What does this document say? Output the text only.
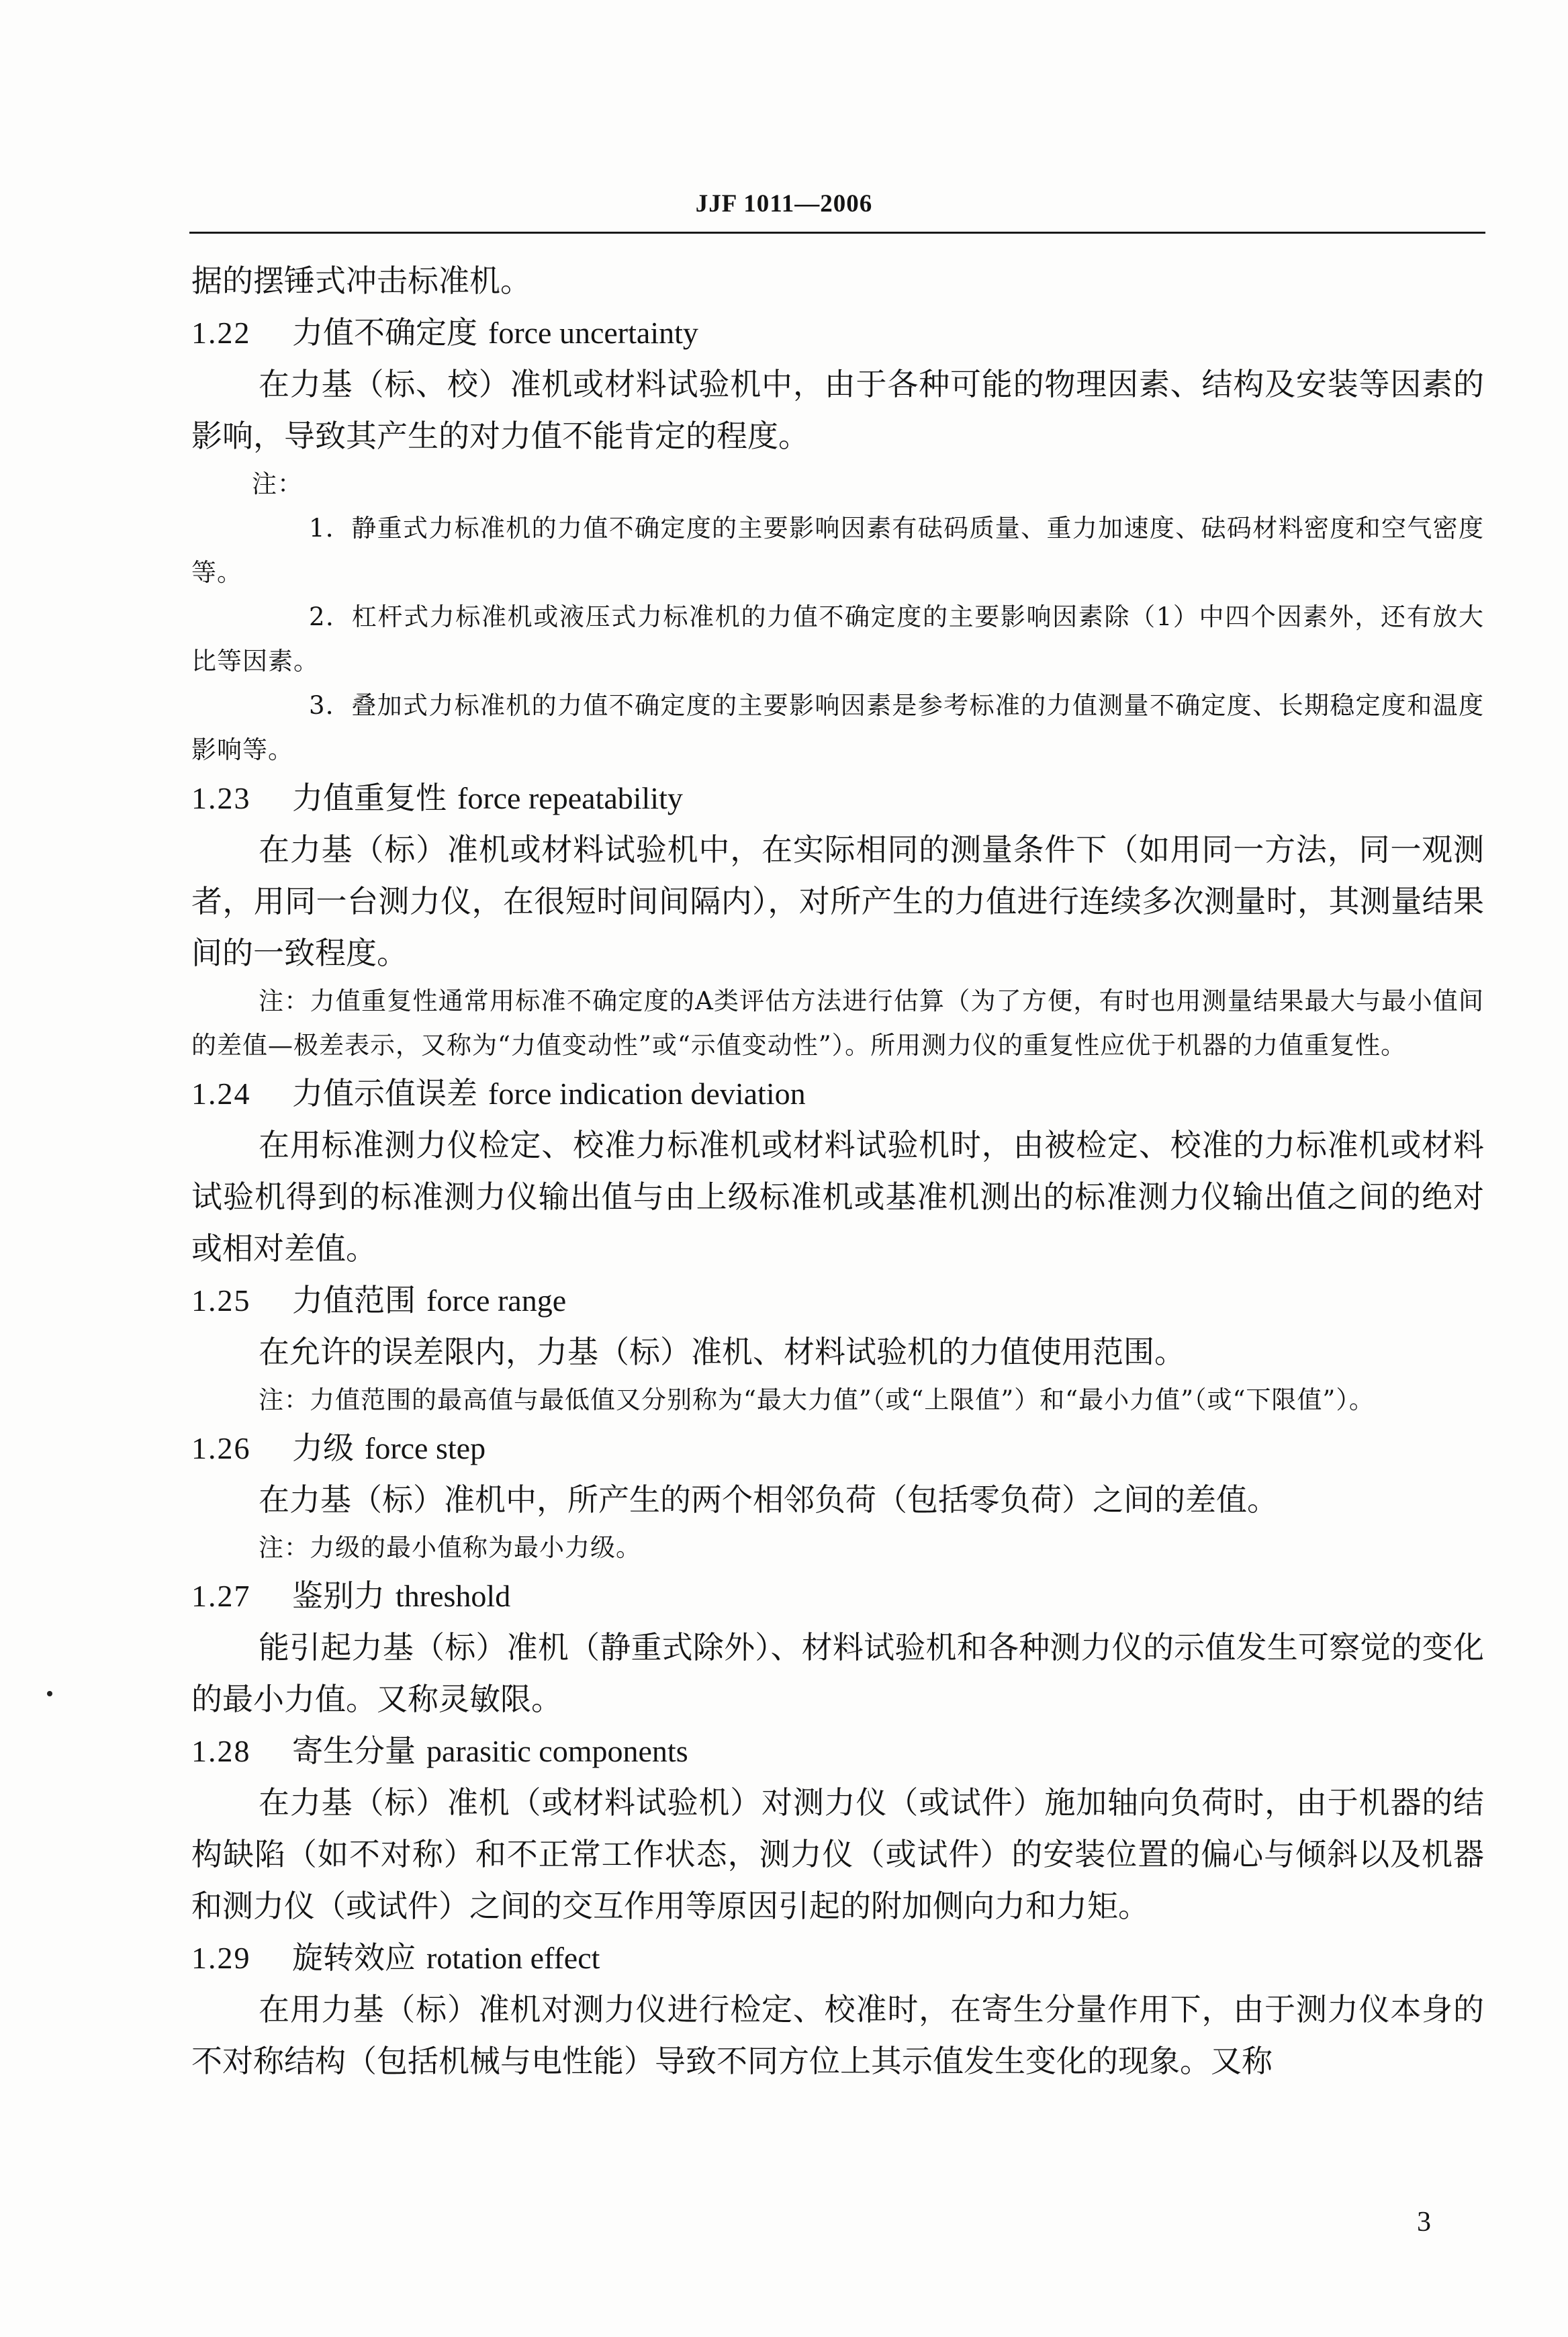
JJF 1011—2006

据的摆锤式冲击标准机。

1.22 力值不确定度 force uncertainty

在力基（标、校）准机或材料试验机中，由于各种可能的物理因素、结构及安装等因素的影响，导致其产生的对力值不能肯定的程度。

注：

1．静重式力标准机的力值不确定度的主要影响因素有砝码质量、重力加速度、砝码材料密度和空气密度等。

2．杠杆式力标准机或液压式力标准机的力值不确定度的主要影响因素除（1）中四个因素外，还有放大比等因素。

3．叠加式力标准机的力值不确定度的主要影响因素是参考标准的力值测量不确定度、长期稳定度和温度影响等。

1.23 力值重复性 force repeatability

在力基（标）准机或材料试验机中，在实际相同的测量条件下（如用同一方法，同一观测者，用同一台测力仪，在很短时间间隔内），对所产生的力值进行连续多次测量时，其测量结果间的一致程度。

注：力值重复性通常用标准不确定度的A类评估方法进行估算（为了方便，有时也用测量结果最大与最小值间的差值—极差表示，又称为“力值变动性”或“示值变动性”）。所用测力仪的重复性应优于机器的力值重复性。

1.24 力值示值误差 force indication deviation

在用标准测力仪检定、校准力标准机或材料试验机时，由被检定、校准的力标准机或材料试验机得到的标准测力仪输出值与由上级标准机或基准机测出的标准测力仪输出值之间的绝对或相对差值。

1.25 力值范围 force range

在允许的误差限内，力基（标）准机、材料试验机的力值使用范围。

注：力值范围的最高值与最低值又分别称为“最大力值”（或“上限值”）和“最小力值”（或“下限值”）。

1.26 力级 force step

在力基（标）准机中，所产生的两个相邻负荷（包括零负荷）之间的差值。

注：力级的最小值称为最小力级。

1.27 鉴别力 threshold

能引起力基（标）准机（静重式除外）、材料试验机和各种测力仪的示值发生可察觉的变化的最小力值。又称灵敏限。

1.28 寄生分量 parasitic components

在力基（标）准机（或材料试验机）对测力仪（或试件）施加轴向负荷时，由于机器的结构缺陷（如不对称）和不正常工作状态，测力仪（或试件）的安装位置的偏心与倾斜以及机器和测力仪（或试件）之间的交互作用等原因引起的附加侧向力和力矩。

1.29 旋转效应 rotation effect

在用力基（标）准机对测力仪进行检定、校准时，在寄生分量作用下，由于测力仪本身的不对称结构（包括机械与电性能）导致不同方位上其示值发生变化的现象。又称

3
